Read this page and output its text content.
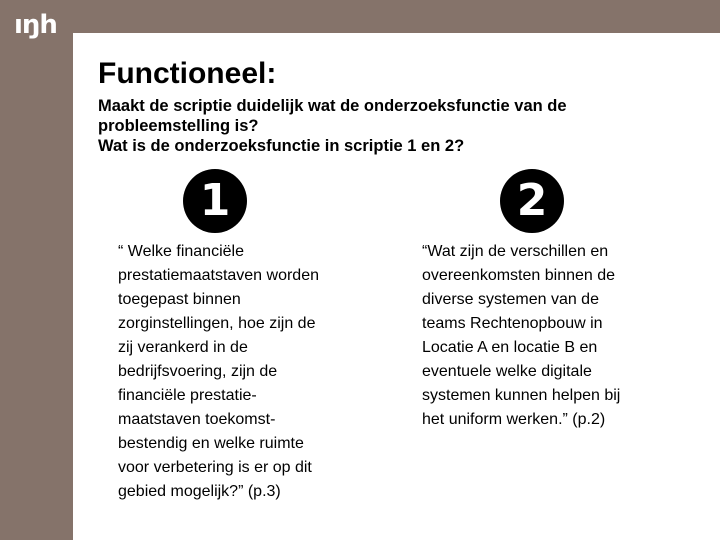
ıŋh
Functioneel:
Maakt de scriptie duidelijk wat de onderzoeksfunctie van de
probleemstelling is?
Wat is de onderzoeksfunctie in scriptie 1 en 2?
1	2
“ Welke financiële
prestatiemaatstaven worden
toegepast binnen
zorginstellingen, hoe zijn de
zij verankerd in de
bedrijfsvoering, zijn de
financiële prestatie-
maatstaven toekomst-
bestendig en welke ruimte
voor verbetering is er op dit
gebied mogelijk?” (p.3)
“Wat zijn de verschillen en
overeenkomsten binnen de
diverse systemen van de
teams Rechtenopbouw in
Locatie A en locatie B en
eventuele welke digitale
systemen kunnen helpen bij
het uniform werken.” (p.2)
